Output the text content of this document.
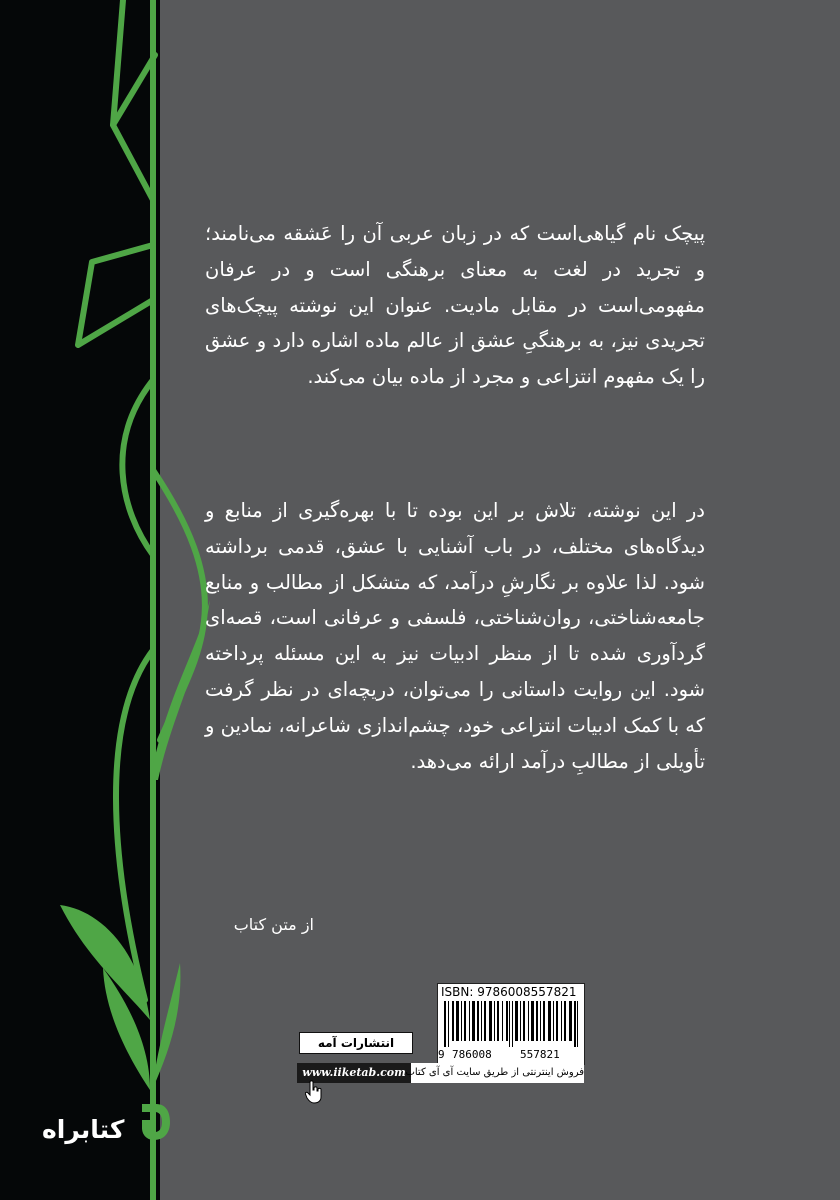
پیچک نام گیاهی‌است که در زبان عربی آن را عَشقه می‌نامند؛ و تجرید در لغت به معنای برهنگی است و در عرفان مفهومی‌است در مقابل مادیت. عنوان این نوشته پیچک‌های تجریدی نیز، به برهنگیِ عشق از عالم ماده اشاره دارد و عشق را یک مفهوم انتزاعی و مجرد از ماده بیان می‌کند.

در این نوشته، تلاش بر این بوده تا با بهره‌گیری از منابع و دیدگاه‌های مختلف، در باب آشنایی با عشق، قدمی برداشته شود. لذا علاوه بر نگارشِ درآمد، که متشکل از مطالب و منابع جامعه‌شناختی، روان‌شناختی، فلسفی و عرفانی است، قصه‌ای گردآوری شده تا از منظر ادبیات نیز به این مسئله پرداخته شود. این روایت داستانی را می‌توان، دریچه‌ای در نظر گرفت که با کمک ادبیات انتزاعی خود، چشم‌اندازی شاعرانه، نمادین و تأویلی از مطالبِ درآمد ارائه می‌دهد.

از متن کتاب
ISBN: 9786008557821
9 786008	557821
انتشارات آمه
www.iiketab.com فروش اینترنتی از طریق سایت آی آی کتاب
کتابراه
